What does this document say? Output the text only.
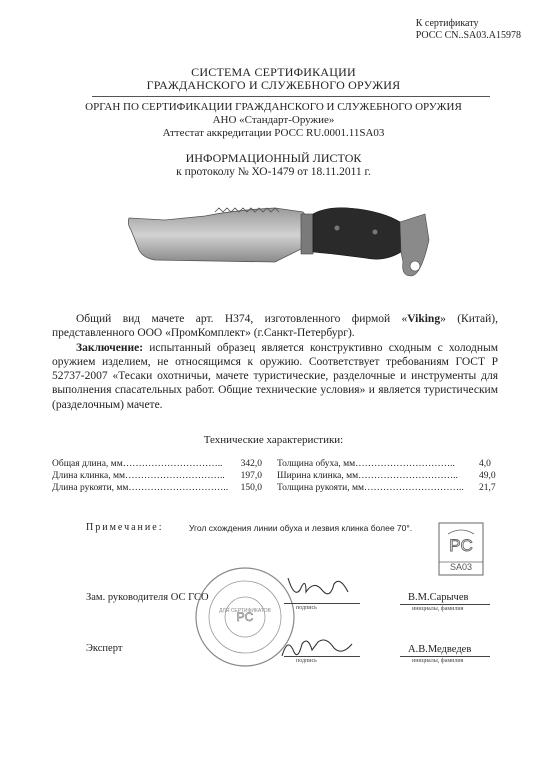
К сертификату
РОСС CN..SA03.A15978
СИСТЕМА СЕРТИФИКАЦИИ
ГРАЖДАНСКОГО И СЛУЖЕБНОГО ОРУЖИЯ
ОРГАН ПО СЕРТИФИКАЦИИ ГРАЖДАНСКОГО И СЛУЖЕБНОГО ОРУЖИЯ
АНО «Стандарт-Оружие»
Аттестат аккредитации РОСС RU.0001.11SA03
ИНФОРМАЦИОННЫЙ ЛИСТОК
к протоколу № ХО-1479 от 18.11.2011 г.

Общий вид мачете арт. H374, изготовленного фирмой «Viking» (Китай), представленного ООО «ПромКомплект» (г.Санкт-Петербург).

Заключение: испытанный образец является конструктивно сходным с холодным оружием изделием, не относящимся к оружию. Соответствует требованиям ГОСТ Р 52737-2007 «Тесаки охотничьи, мачете туристические, разделочные и инструменты для выполнения спасательных работ. Общие технические условия» и является туристическим (разделочным) мачете.

Технические характеристики:
Общая длина, мм…………………………..	342,0
Длина клинка, мм…………………………..	197,0
Длина рукояти, мм…………………………..	150,0
Толщина обуха, мм…………………………..	4,0
Ширина клинка, мм…………………………..	49,0
Толщина рукояти, мм…………………………..	21,7
Примечание:	Угол схождения линии обуха и лезвия клинка более 70°.
PC
SA03
PC
ДЛЯ СЕРТИФИКАТОВ
Зам. руководителя ОС ГСО
подпись
В.М.Сарычев
инициалы, фамилия
Эксперт
подпись
А.В.Медведев
инициалы, фамилия
